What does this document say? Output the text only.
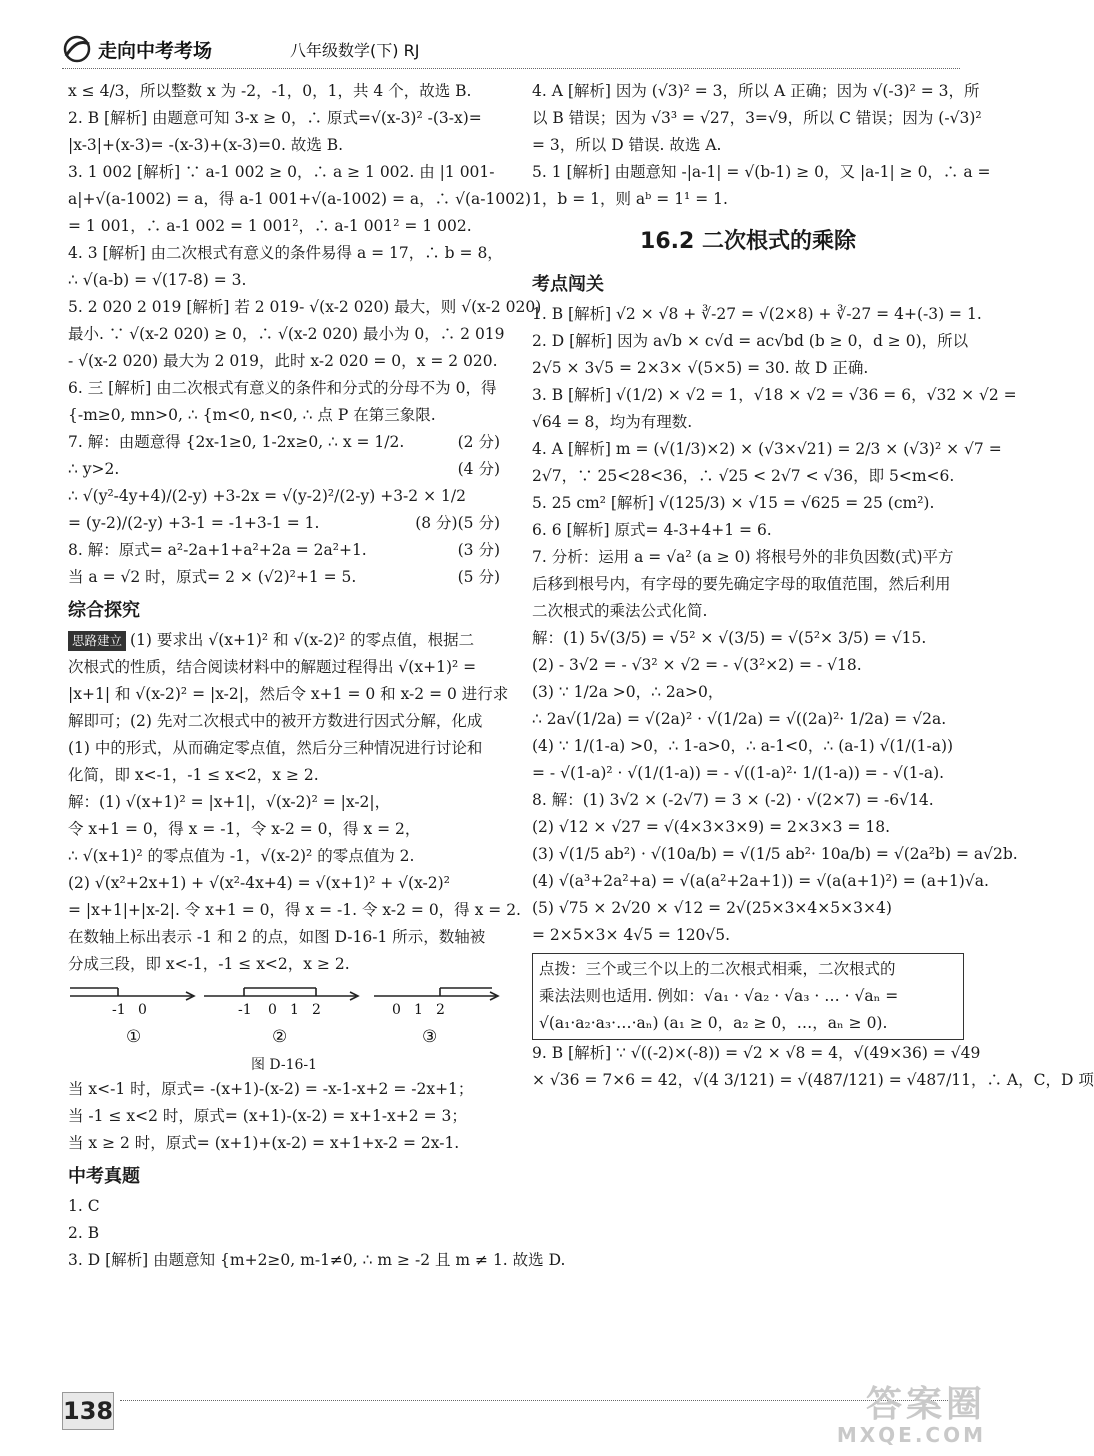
走向中考考场	八年级数学(下) RJ
x ≤ 4/3，所以整数 x 为 -2，-1，0，1，共 4 个，故选 B.
2. B [解析] 由题意可知 3-x ≥ 0，∴ 原式=√(x-3)² -(3-x)=
|x-3|+(x-3)= -(x-3)+(x-3)=0. 故选 B.
3. 1 002 [解析] ∵ a-1 002 ≥ 0，∴ a ≥ 1 002. 由 |1 001-
a|+√(a-1002) = a，得 a-1 001+√(a-1002) = a，∴ √(a-1002)
= 1 001，∴ a-1 002 = 1 001²，∴ a-1 001² = 1 002.
4. 3 [解析] 由二次根式有意义的条件易得 a = 17，∴ b = 8，
∴ √(a-b) = √(17-8) = 3.
5. 2 020 2 019 [解析] 若 2 019- √(x-2 020) 最大，则 √(x-2 020)
最小. ∵ √(x-2 020) ≥ 0，∴ √(x-2 020) 最小为 0，∴ 2 019
- √(x-2 020) 最大为 2 019，此时 x-2 020 = 0，x = 2 020.
6. 三 [解析] 由二次根式有意义的条件和分式的分母不为 0，得
{-m≥0, mn>0, ∴ {m<0, n<0, ∴ 点 P 在第三象限.
7. 解：由题意得 {2x-1≥0, 1-2x≥0, ∴ x = 1/2.	(2 分)
∴ y>2.	(4 分)
∴ √(y²-4y+4)/(2-y) +3-2x = √(y-2)²/(2-y) +3-2 × 1/2
(5 分)
= (y-2)/(2-y) +3-1 = -1+3-1 = 1.	(8 分)
8. 解：原式= a²-2a+1+a²+2a = 2a²+1.	(3 分)
当 a = √2 时，原式= 2 × (√2)²+1 = 5.	(5 分)
综合探究
思路建立 (1) 要求出 √(x+1)² 和 √(x-2)² 的零点值，根据二
次根式的性质，结合阅读材料中的解题过程得出 √(x+1)² =
|x+1| 和 √(x-2)² = |x-2|，然后令 x+1 = 0 和 x-2 = 0 进行求
解即可；(2) 先对二次根式中的被开方数进行因式分解，化成
(1) 中的形式，从而确定零点值，然后分三种情况进行讨论和
化简，即 x<-1，-1 ≤ x<2，x ≥ 2.
解：(1) √(x+1)² = |x+1|，√(x-2)² = |x-2|，
令 x+1 = 0，得 x = -1，令 x-2 = 0，得 x = 2，
∴ √(x+1)² 的零点值为 -1，√(x-2)² 的零点值为 2.
(2) √(x²+2x+1) + √(x²-4x+4) = √(x+1)² + √(x-2)²
= |x+1|+|x-2|. 令 x+1 = 0，得 x = -1. 令 x-2 = 0，得 x = 2.
在数轴上标出表示 -1 和 2 的点，如图 D-16-1 所示，数轴被
分成三段，即 x<-1，-1 ≤ x<2，x ≥ 2.
-1 0	-1 0 1 2	0 1 2
①	②	③
图 D-16-1
当 x<-1 时，原式= -(x+1)-(x-2) = -x-1-x+2 = -2x+1；
当 -1 ≤ x<2 时，原式= (x+1)-(x-2) = x+1-x+2 = 3；
当 x ≥ 2 时，原式= (x+1)+(x-2) = x+1+x-2 = 2x-1.
中考真题
1. C
2. B
3. D [解析] 由题意知 {m+2≥0, m-1≠0, ∴ m ≥ -2 且 m ≠ 1. 故选 D.
4. A [解析] 因为 (√3)² = 3，所以 A 正确；因为 √(-3)² = 3，所
以 B 错误；因为 √3³ = √27，3=√9，所以 C 错误；因为 (-√3)²
= 3，所以 D 错误. 故选 A.
5. 1 [解析] 由题意知 -|a-1| = √(b-1) ≥ 0，又 |a-1| ≥ 0，∴ a =
1，b = 1，则 aᵇ = 1¹ = 1.
16.2 二次根式的乘除
考点闯关
1. B [解析] √2 × √8 + ∛-27 = √(2×8) + ∛-27 = 4+(-3) = 1.
2. D [解析] 因为 a√b × c√d = ac√bd (b ≥ 0，d ≥ 0)，所以
2√5 × 3√5 = 2×3× √(5×5) = 30. 故 D 正确.
3. B [解析] √(1/2) × √2 = 1，√18 × √2 = √36 = 6，√32 × √2 =
√64 = 8，均为有理数.
4. A [解析] m = (√(1/3)×2) × (√3×√21) = 2/3 × (√3)² × √7 =
2√7，∵ 25<28<36，∴ √25 < 2√7 < √36，即 5<m<6.
5. 25 cm² [解析] √(125/3) × √15 = √625 = 25 (cm²).
6. 6 [解析] 原式= 4-3+4+1 = 6.
7. 分析：运用 a = √a² (a ≥ 0) 将根号外的非负因数(式)平方
后移到根号内，有字母的要先确定字母的取值范围，然后利用
二次根式的乘法公式化简.
解：(1) 5√(3/5) = √5² × √(3/5) = √(5²× 3/5) = √15.
(2) - 3√2 = - √3² × √2 = - √(3²×2) = - √18.
(3) ∵ 1/2a >0，∴ 2a>0，
∴ 2a√(1/2a) = √(2a)² · √(1/2a) = √((2a)²· 1/2a) = √2a.
(4) ∵ 1/(1-a) >0，∴ 1-a>0，∴ a-1<0，∴ (a-1) √(1/(1-a))
= - √(1-a)² · √(1/(1-a)) = - √((1-a)²· 1/(1-a)) = - √(1-a).
8. 解：(1) 3√2 × (-2√7) = 3 × (-2) · √(2×7) = -6√14.
(2) √12 × √27 = √(4×3×3×9) = 2×3×3 = 18.
(3) √(1/5 ab²) · √(10a/b) = √(1/5 ab²· 10a/b) = √(2a²b) = a√2b.
(4) √(a³+2a²+a) = √(a(a²+2a+1)) = √(a(a+1)²) = (a+1)√a.
(5) √75 × 2√20 × √12 = 2√(25×3×4×5×3×4)
= 2×5×3× 4√5 = 120√5.
点拨：三个或三个以上的二次根式相乘，二次根式的
乘法法则也适用. 例如：√a₁ · √a₂ · √a₃ · … · √aₙ =
√(a₁·a₂·a₃·…·aₙ) (a₁ ≥ 0，a₂ ≥ 0，…，aₙ ≥ 0).
9. B [解析] ∵ √((-2)×(-8)) = √2 × √8 = 4，√(49×36) = √49
× √36 = 7×6 = 42，√(4 3/121) = √(487/121) = √487/11，∴ A，C，D 项
138	答案圈
MXQE.COM
